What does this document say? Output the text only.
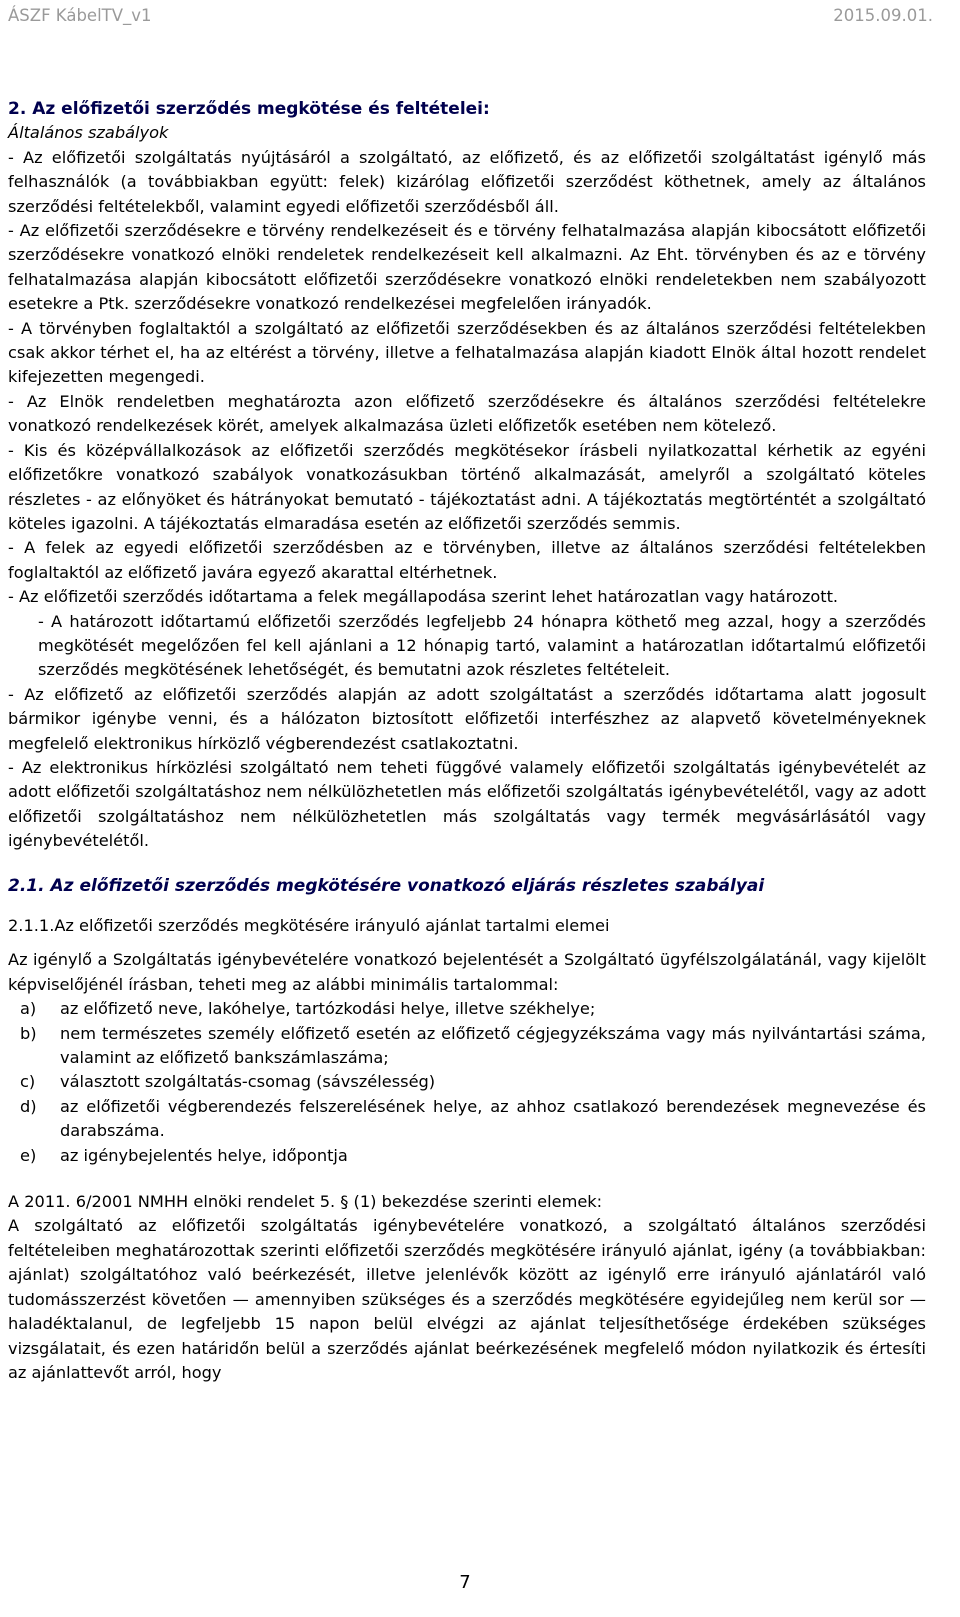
ÁSZF KábelTV_v1	2015.09.01.

2. Az előfizetői szerződés megkötése és feltételei:

Általános szabályok

- Az előfizetői szolgáltatás nyújtásáról a szolgáltató, az előfizető, és az előfizetői szolgáltatást igénylő más felhasználók (a továbbiakban együtt: felek) kizárólag előfizetői szerződést köthetnek, amely az általános szerződési feltételekből, valamint egyedi előfizetői szerződésből áll.

- Az előfizetői szerződésekre e törvény rendelkezéseit és e törvény felhatalmazása alapján kibocsátott előfizetői szerződésekre vonatkozó elnöki rendeletek rendelkezéseit kell alkalmazni. Az Eht. törvényben és az e törvény felhatalmazása alapján kibocsátott előfizetői szerződésekre vonatkozó elnöki rendeletekben nem szabályozott esetekre a Ptk. szerződésekre vonatkozó rendelkezései megfelelően irányadók.

- A törvényben foglaltaktól a szolgáltató az előfizetői szerződésekben és az általános szerződési feltételekben csak akkor térhet el, ha az eltérést a törvény, illetve a felhatalmazása alapján kiadott Elnök által hozott rendelet kifejezetten megengedi.

- Az Elnök rendeletben meghatározta azon előfizető szerződésekre és általános szerződési feltételekre vonatkozó rendelkezések körét, amelyek alkalmazása üzleti előfizetők esetében nem kötelező.

- Kis és középvállalkozások az előfizetői szerződés megkötésekor írásbeli nyilatkozattal kérhetik az egyéni előfizetőkre vonatkozó szabályok vonatkozásukban történő alkalmazását, amelyről a szolgáltató köteles részletes - az előnyöket és hátrányokat bemutató - tájékoztatást adni. A tájékoztatás megtörténtét a szolgáltató köteles igazolni. A tájékoztatás elmaradása esetén az előfizetői szerződés semmis.

- A felek az egyedi előfizetői szerződésben az e törvényben, illetve az általános szerződési feltételekben foglaltaktól az előfizető javára egyező akarattal eltérhetnek.

- Az előfizetői szerződés időtartama a felek megállapodása szerint lehet határozatlan vagy határozott.

- A határozott időtartamú előfizetői szerződés legfeljebb 24 hónapra köthető meg azzal, hogy a szerződés megkötését megelőzően fel kell ajánlani a 12 hónapig tartó, valamint a határozatlan időtartalmú előfizetői szerződés megkötésének lehetőségét, és bemutatni azok részletes feltételeit.

- Az előfizető az előfizetői szerződés alapján az adott szolgáltatást a szerződés időtartama alatt jogosult bármikor igénybe venni, és a hálózaton biztosított előfizetői interfészhez az alapvető követelményeknek megfelelő elektronikus hírközlő végberendezést csatlakoztatni.

- Az elektronikus hírközlési szolgáltató nem teheti függővé valamely előfizetői szolgáltatás igénybevételét az adott előfizetői szolgáltatáshoz nem nélkülözhetetlen más előfizetői szolgáltatás igénybevételétől, vagy az adott előfizetői szolgáltatáshoz nem nélkülözhetetlen más szolgáltatás vagy termék megvásárlásától vagy igénybevételétől.

2.1. Az előfizetői szerződés megkötésére vonatkozó eljárás részletes szabályai

2.1.1.Az előfizetői szerződés megkötésére irányuló ajánlat tartalmi elemei

Az igénylő a Szolgáltatás igénybevételére vonatkozó bejelentését a Szolgáltató ügyfélszolgálatánál, vagy kijelölt képviselőjénél írásban, teheti meg az alábbi minimális tartalommal:

a)	az előfizető neve, lakóhelye, tartózkodási helye, illetve székhelye;
b)	nem természetes személy előfizető esetén az előfizető cégjegyzékszáma vagy más nyilvántartási száma, valamint az előfizető bankszámlaszáma;
c)	választott szolgáltatás-csomag (sávszélesség)
d)	az előfizetői végberendezés felszerelésének helye, az ahhoz csatlakozó berendezések megnevezése és darabszáma.
e)	az igénybejelentés helye, időpontja

A 2011. 6/2001 NMHH elnöki rendelet 5. § (1) bekezdése szerinti elemek:

A szolgáltató az előfizetői szolgáltatás igénybevételére vonatkozó, a szolgáltató általános szerződési feltételeiben meghatározottak szerinti előfizetői szerződés megkötésére irányuló ajánlat, igény (a továbbiakban: ajánlat) szolgáltatóhoz való beérkezését, illetve jelenlévők között az igénylő erre irányuló ajánlatáról való tudomásszerzést követően — amennyiben szükséges és a szerződés megkötésére egyidejűleg nem kerül sor — haladéktalanul, de legfeljebb 15 napon belül elvégzi az ajánlat teljesíthetősége érdekében szükséges vizsgálatait, és ezen határidőn belül a szerződés ajánlat beérkezésének megfelelő módon nyilatkozik és értesíti az ajánlattevőt arról, hogy

7
